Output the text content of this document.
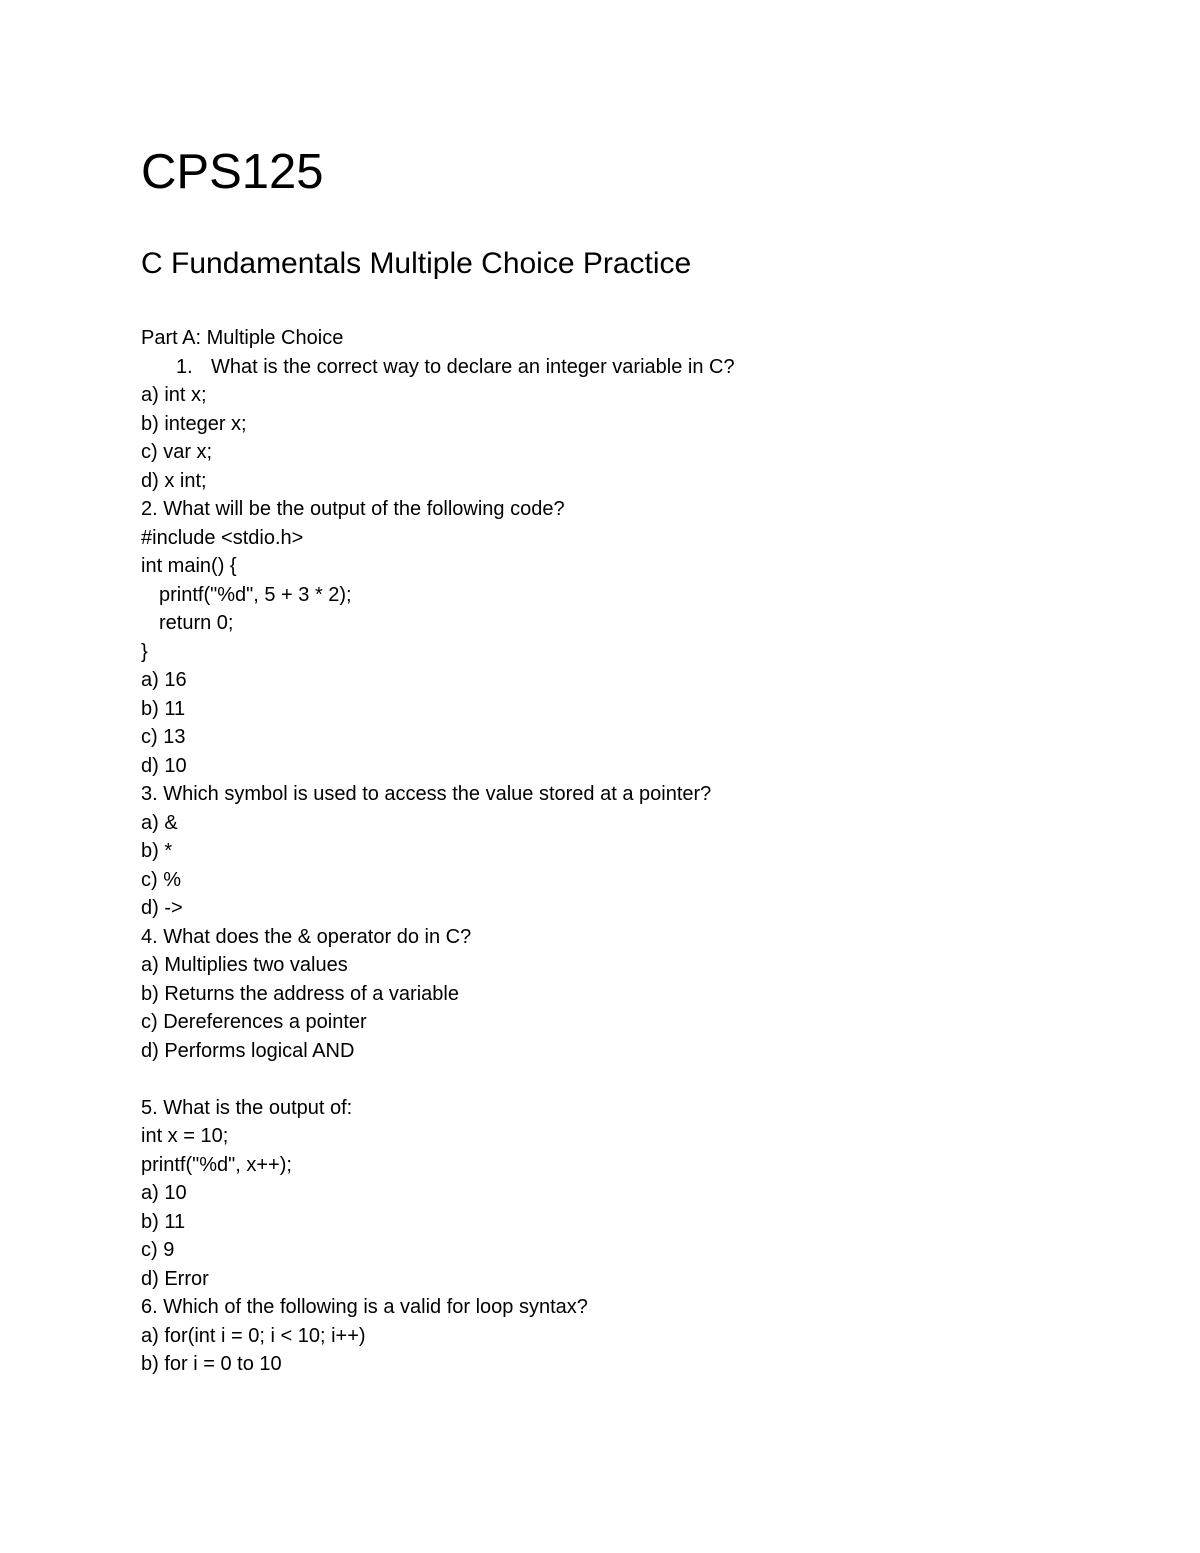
CPS125
C Fundamentals Multiple Choice Practice
Part A: Multiple Choice
1. What is the correct way to declare an integer variable in C?
a) int x;
b) integer x;
c) var x;
d) x int;
2. What will be the output of the following code?
#include <stdio.h>
int main() {
printf("%d", 5 + 3 * 2);
return 0;
}
a) 16
b) 11
c) 13
d) 10
3. Which symbol is used to access the value stored at a pointer?
a) &
b) *
c) %
d) ->
4. What does the & operator do in C?
a) Multiplies two values
b) Returns the address of a variable
c) Dereferences a pointer
d) Performs logical AND
5. What is the output of:
int x = 10;
printf("%d", x++);
a) 10
b) 11
c) 9
d) Error
6. Which of the following is a valid for loop syntax?
a) for(int i = 0; i < 10; i++)
b) for i = 0 to 10
